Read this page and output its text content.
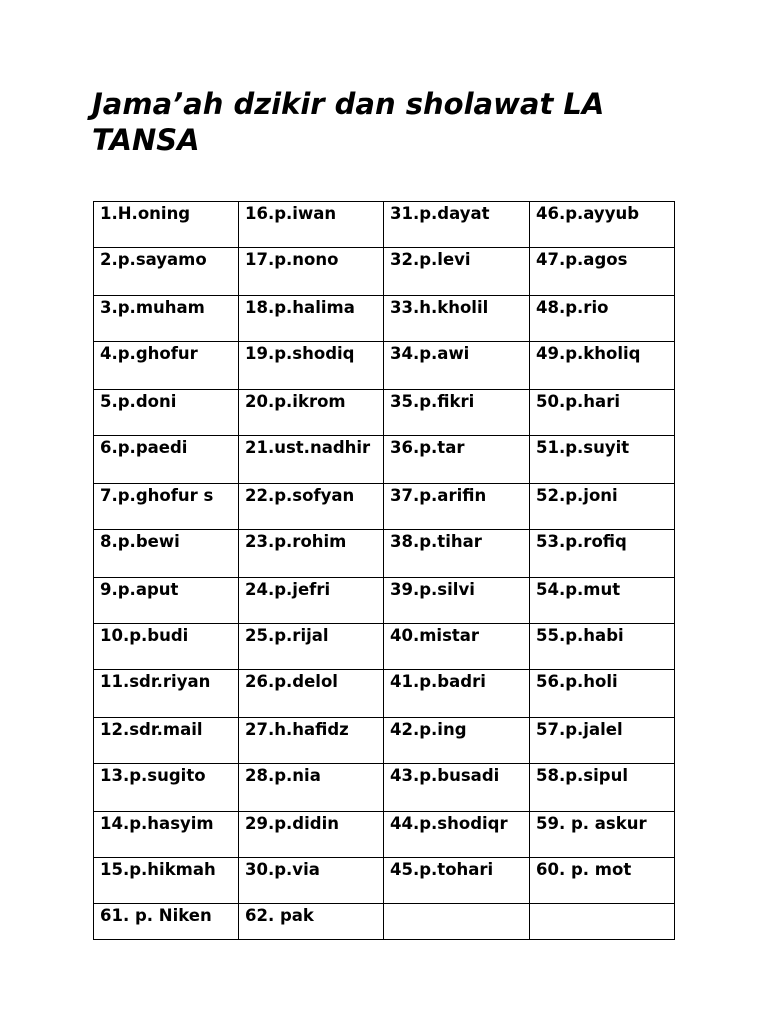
Jama’ah dzikir dan sholawat LA TANSA
1.H.oning	16.p.iwan	31.p.dayat	46.p.ayyub

2.p.sayamo	17.p.nono	32.p.levi	47.p.agos

3.p.muham	18.p.halima	33.h.kholil	48.p.rio

4.p.ghofur	19.p.shodiq	34.p.awi	49.p.kholiq

5.p.doni	20.p.ikrom	35.p.fikri	50.p.hari

6.p.paedi	21.ust.nadhir	36.p.tar	51.p.suyit

7.p.ghofur s	22.p.sofyan	37.p.arifin	52.p.joni

8.p.bewi	23.p.rohim	38.p.tihar	53.p.rofiq

9.p.aput	24.p.jefri	39.p.silvi	54.p.mut

10.p.budi	25.p.rijal	40.mistar	55.p.habi

11.sdr.riyan	26.p.delol	41.p.badri	56.p.holi

12.sdr.mail	27.h.hafidz	42.p.ing	57.p.jalel

13.p.sugito	28.p.nia	43.p.busadi	58.p.sipul

14.p.hasyim	29.p.didin	44.p.shodiqr	59. p. askur

15.p.hikmah	30.p.via	45.p.tohari	60. p. mot

61. p. Niken	62. pak		
